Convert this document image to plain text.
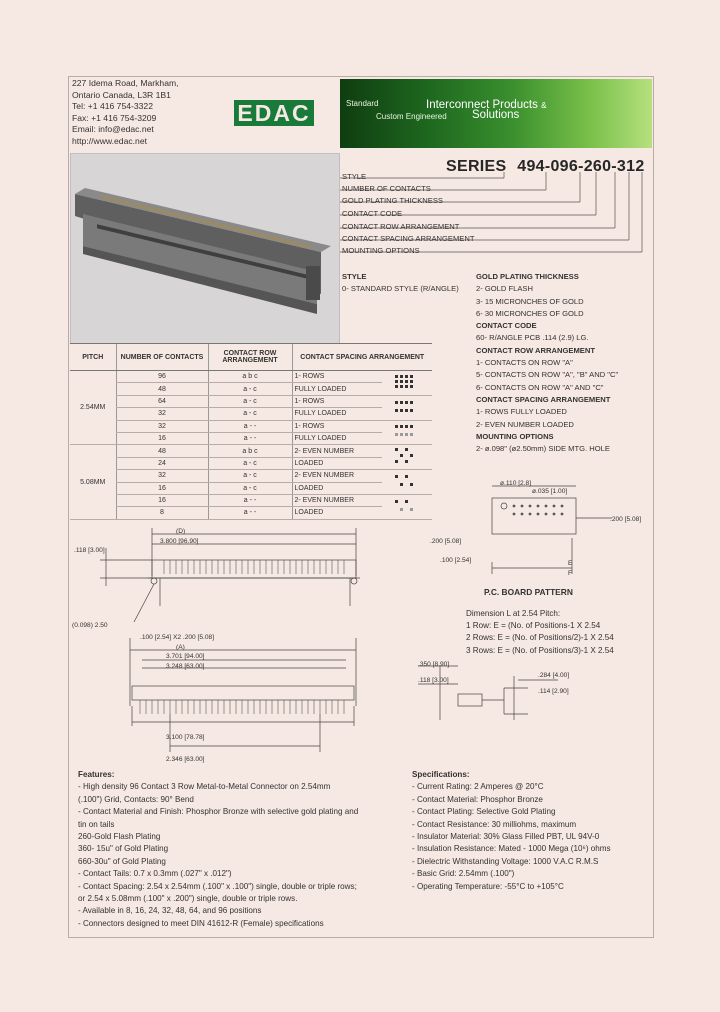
227 Idema Road, Markham,
Ontario Canada, L3R 1B1
Tel: +1 416 754-3322
Fax: +1 416 754-3209
Email: info@edac.net
http://www.edac.net
EDAC	Standard	Interconnect Products &
Custom Engineered Solutions
SERIES 494-096-260-312
STYLE
NUMBER OF CONTACTS
GOLD PLATING THICKNESS
CONTACT CODE
CONTACT ROW ARRANGEMENT
CONTACT SPACING ARRANGEMENT
MOUNTING OPTIONS
STYLE
0- STANDARD STYLE (R/ANGLE)
GOLD PLATING THICKNESS
2- GOLD FLASH
3- 15 MICRONCHES OF GOLD
6- 30 MICRONCHES OF GOLD
CONTACT CODE
60- R/ANGLE PCB .114 (2.9) LG.
CONTACT ROW ARRANGEMENT
1- CONTACTS ON ROW "A"
5- CONTACTS ON ROW "A", "B" AND "C"
6- CONTACTS ON ROW "A" AND "C"
CONTACT SPACING ARRANGEMENT
1- ROWS FULLY LOADED
2- EVEN NUMBER LOADED
MOUNTING OPTIONS
2- ø.098" (ø2.50mm) SIDE MTG. HOLE
PITCH	NUMBER OF CONTACTS	CONTACT ROW ARRANGEMENT	CONTACT SPACING ARRANGEMENT	
2.54MM	96	a b c	1- ROWS	
	48	a - c	FULLY LOADED	
	64	a - c	1- ROWS	
	32	a - c	FULLY LOADED	
	32	a - -	1- ROWS	
	16	a - -	FULLY LOADED	
5.08MM	48	a b c	2- EVEN NUMBER	
	24	a - c	LOADED	
	32	a - c	2- EVEN NUMBER	
	16	a - c	LOADED	
	16	a - -	2- EVEN NUMBER	
	8	a - -	LOADED	
(D)
3.800 [96.90]
.118 [3.00]
(0.098) 2.50
.100 [2.54] X2 .200 [5.08]
(A)
3.701 [94.00]
3.248 [63.00]
3.100 [78.78]
2.346 [63.00]
.350 [8.90]
.118 [3.00]
.284 [4.00]
.114 [2.90]
ø.110 [2.8]
ø.035 [1.00]
.200 [5.08]
.200 [5.08]
.100 [2.54]	E
F
P.C. BOARD PATTERN
Dimension L at 2.54 Pitch:
1 Row: E = (No. of Positions-1 X 2.54
2 Rows: E = (No. of Positions/2)-1 X 2.54
3 Rows: E = (No. of Positions/3)-1 X 2.54
Features:
- High density 96 Contact 3 Row Metal-to-Metal Connector on 2.54mm
(.100") Grid, Contacts: 90° Bend
- Contact Material and Finish: Phosphor Bronze with selective gold plating and
tin on tails
260-Gold Flash Plating
360- 15u" of Gold Plating
660-30u" of Gold Plating
- Contact Tails: 0.7 x 0.3mm (.027" x .012")
- Contact Spacing: 2.54 x 2.54mm (.100" x .100") single, double or triple rows;
or 2.54 x 5.08mm (.100" x .200") single, double or triple rows.
- Available in 8, 16, 24, 32, 48, 64, and 96 positions
- Connectors designed to meet DIN 41612-R (Female) specifications
Specifications:
- Current Rating: 2 Amperes @ 20°C
- Contact Material: Phosphor Bronze
- Contact Plating: Selective Gold Plating
- Contact Resistance: 30 milliohms, maximum
- Insulator Material: 30% Glass Filled PBT, UL 94V-0
- Insulation Resistance: Mated - 1000 Mega (10⁶) ohms
- Dielectric Withstanding Voltage: 1000 V.A.C R.M.S
- Basic Grid: 2.54mm (.100")
- Operating Temperature: -55°C to +105°C
